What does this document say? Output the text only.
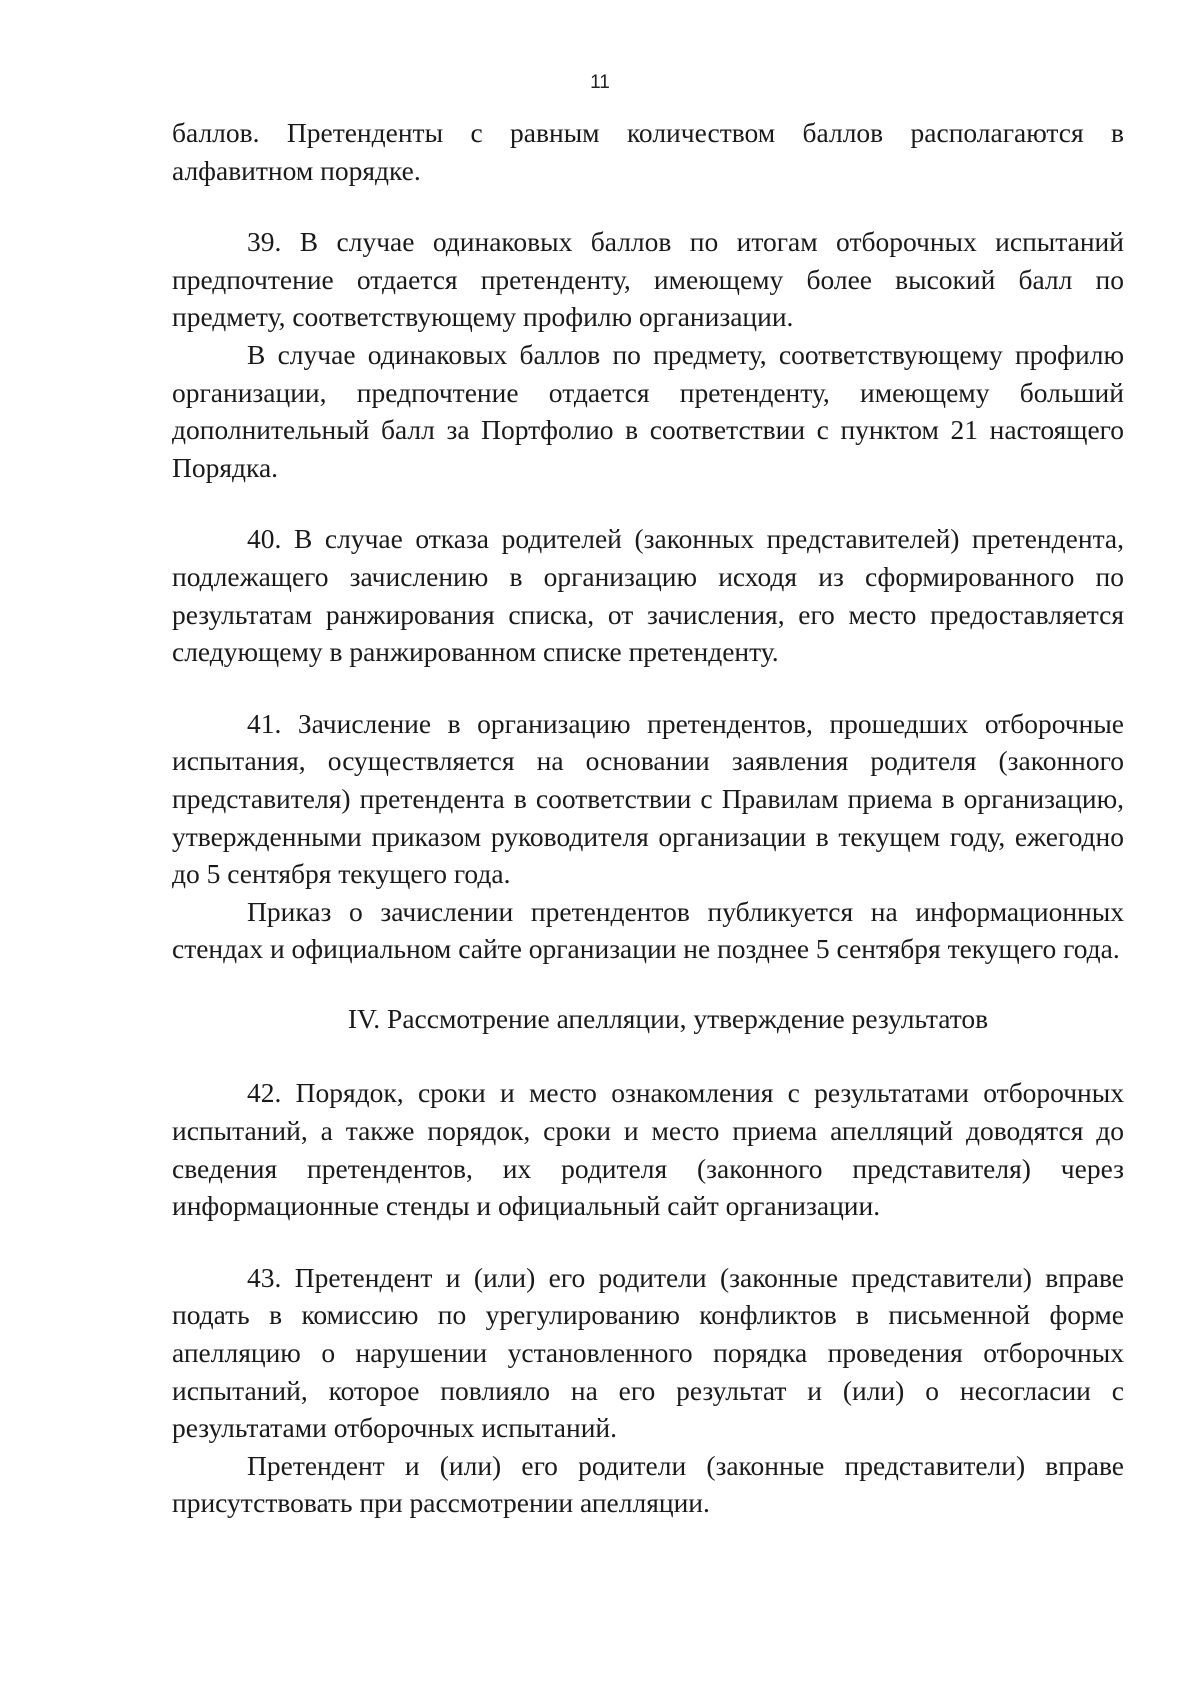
11

баллов. Претенденты с равным количеством баллов располагаются в алфавитном порядке.

39. В случае одинаковых баллов по итогам отборочных испытаний предпочтение отдается претенденту, имеющему более высокий балл по предмету, соответствующему профилю организации.

В случае одинаковых баллов по предмету, соответствующему профилю организации, предпочтение отдается претенденту, имеющему больший дополнительный балл за Портфолио в соответствии с пунктом 21 настоящего Порядка.

40. В случае отказа родителей (законных представителей) претендента, подлежащего зачислению в организацию исходя из сформированного по результатам ранжирования списка, от зачисления, его место предоставляется следующему в ранжированном списке претенденту.

41. Зачисление в организацию претендентов, прошедших отборочные испытания, осуществляется на основании заявления родителя (законного представителя) претендента в соответствии с Правилам приема в организацию, утвержденными приказом руководителя организации в текущем году, ежегодно до 5 сентября текущего года.

Приказ о зачислении претендентов публикуется на информационных стендах и официальном сайте организации не позднее 5 сентября текущего года.

IV. Рассмотрение апелляции, утверждение результатов

42. Порядок, сроки и место ознакомления с результатами отборочных испытаний, а также порядок, сроки и место приема апелляций доводятся до сведения претендентов, их родителя (законного представителя) через информационные стенды и официальный сайт организации.

43. Претендент и (или) его родители (законные представители) вправе подать в комиссию по урегулированию конфликтов в письменной форме апелляцию о нарушении установленного порядка проведения отборочных испытаний, которое повлияло на его результат и (или) о несогласии с результатами отборочных испытаний.

Претендент и (или) его родители (законные представители) вправе присутствовать при рассмотрении апелляции.
